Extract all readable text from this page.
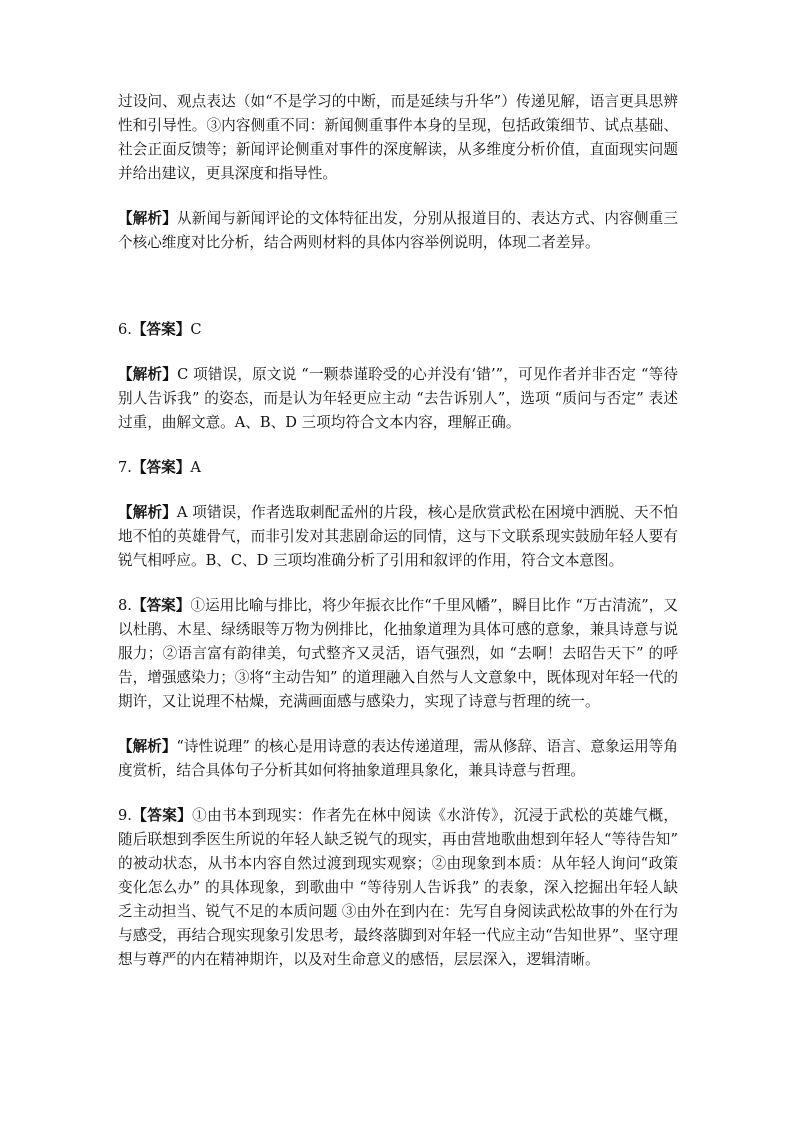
过设问、观点表达（如“不是学习的中断，而是延续与升华”）传递见解，语言更具思辨性和引导性。③内容侧重不同：新闻侧重事件本身的呈现，包括政策细节、试点基础、社会正面反馈等；新闻评论侧重对事件的深度解读，从多维度分析价值，直面现实问题并给出建议，更具深度和指导性。

【解析】从新闻与新闻评论的文体特征出发，分别从报道目的、表达方式、内容侧重三个核心维度对比分析，结合两则材料的具体内容举例说明，体现二者差异。

6.【答案】C

【解析】C 项错误，原文说 “一颗恭谨聆受的心并没有‘错’”，可见作者并非否定 “等待别人告诉我” 的姿态，而是认为年轻更应主动 “去告诉别人”，选项 “质问与否定” 表述过重，曲解文意。A、B、D 三项均符合文本内容，理解正确。

7.【答案】A

【解析】A 项错误，作者选取刺配孟州的片段，核心是欣赏武松在困境中洒脱、天不怕地不怕的英雄骨气，而非引发对其悲剧命运的同情，这与下文联系现实鼓励年轻人要有锐气相呼应。B、C、D 三项均准确分析了引用和叙评的作用，符合文本意图。

8.【答案】①运用比喻与排比，将少年振衣比作“千里风幡”，瞬目比作 “万古清流”，又以杜鹃、木星、绿绣眼等万物为例排比，化抽象道理为具体可感的意象，兼具诗意与说服力；②语言富有韵律美，句式整齐又灵活，语气强烈，如 “去啊！去昭告天下” 的呼告，增强感染力；③将“主动告知” 的道理融入自然与人文意象中，既体现对年轻一代的期许，又让说理不枯燥，充满画面感与感染力，实现了诗意与哲理的统一。

【解析】“诗性说理” 的核心是用诗意的表达传递道理，需从修辞、语言、意象运用等角度赏析，结合具体句子分析其如何将抽象道理具象化，兼具诗意与哲理。

9.【答案】①由书本到现实：作者先在林中阅读《水浒传》，沉浸于武松的英雄气概，随后联想到季医生所说的年轻人缺乏锐气的现实，再由营地歌曲想到年轻人“等待告知” 的被动状态，从书本内容自然过渡到现实观察；②由现象到本质：从年轻人询问“政策变化怎么办” 的具体现象，到歌曲中 “等待别人告诉我” 的表象，深入挖掘出年轻人缺乏主动担当、锐气不足的本质问题 ③由外在到内在：先写自身阅读武松故事的外在行为与感受，再结合现实现象引发思考，最终落脚到对年轻一代应主动“告知世界”、坚守理想与尊严的内在精神期许，以及对生命意义的感悟，层层深入，逻辑清晰。
